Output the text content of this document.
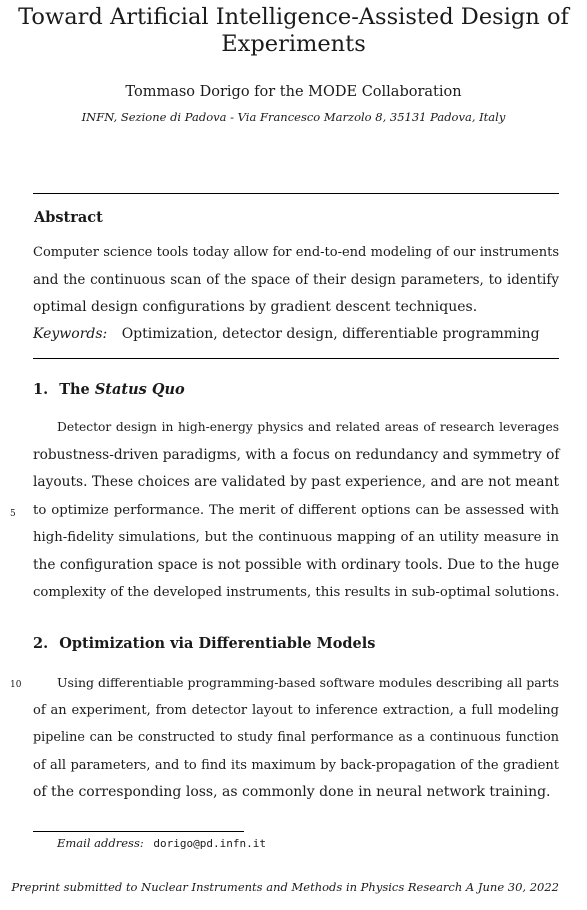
Toward Artificial Intelligence-Assisted Design of
Experiments
Tommaso Dorigo for the MODE Collaboration
INFN, Sezione di Padova - Via Francesco Marzolo 8, 35131 Padova, Italy
Abstract
Computer science tools today allow for end-to-end modeling of our instruments
and the continuous scan of the space of their design parameters, to identify
optimal design configurations by gradient descent techniques.
Keywords: Optimization, detector design, differentiable programming
1. The Status Quo
Detector design in high-energy physics and related areas of research leverages
robustness-driven paradigms, with a focus on redundancy and symmetry of
layouts. These choices are validated by past experience, and are not meant
to optimize performance. The merit of different options can be assessed with
high-fidelity simulations, but the continuous mapping of an utility measure in
the configuration space is not possible with ordinary tools. Due to the huge
complexity of the developed instruments, this results in sub-optimal solutions.
5
2. Optimization via Differentiable Models
10	Using differentiable programming-based software modules describing all parts
of an experiment, from detector layout to inference extraction, a full modeling
pipeline can be constructed to study final performance as a continuous function
of all parameters, and to find its maximum by back-propagation of the gradient
of the corresponding loss, as commonly done in neural network training.
Email address: dorigo@pd.infn.it
Preprint submitted to Nuclear Instruments and Methods in Physics Research A June 30, 2022
